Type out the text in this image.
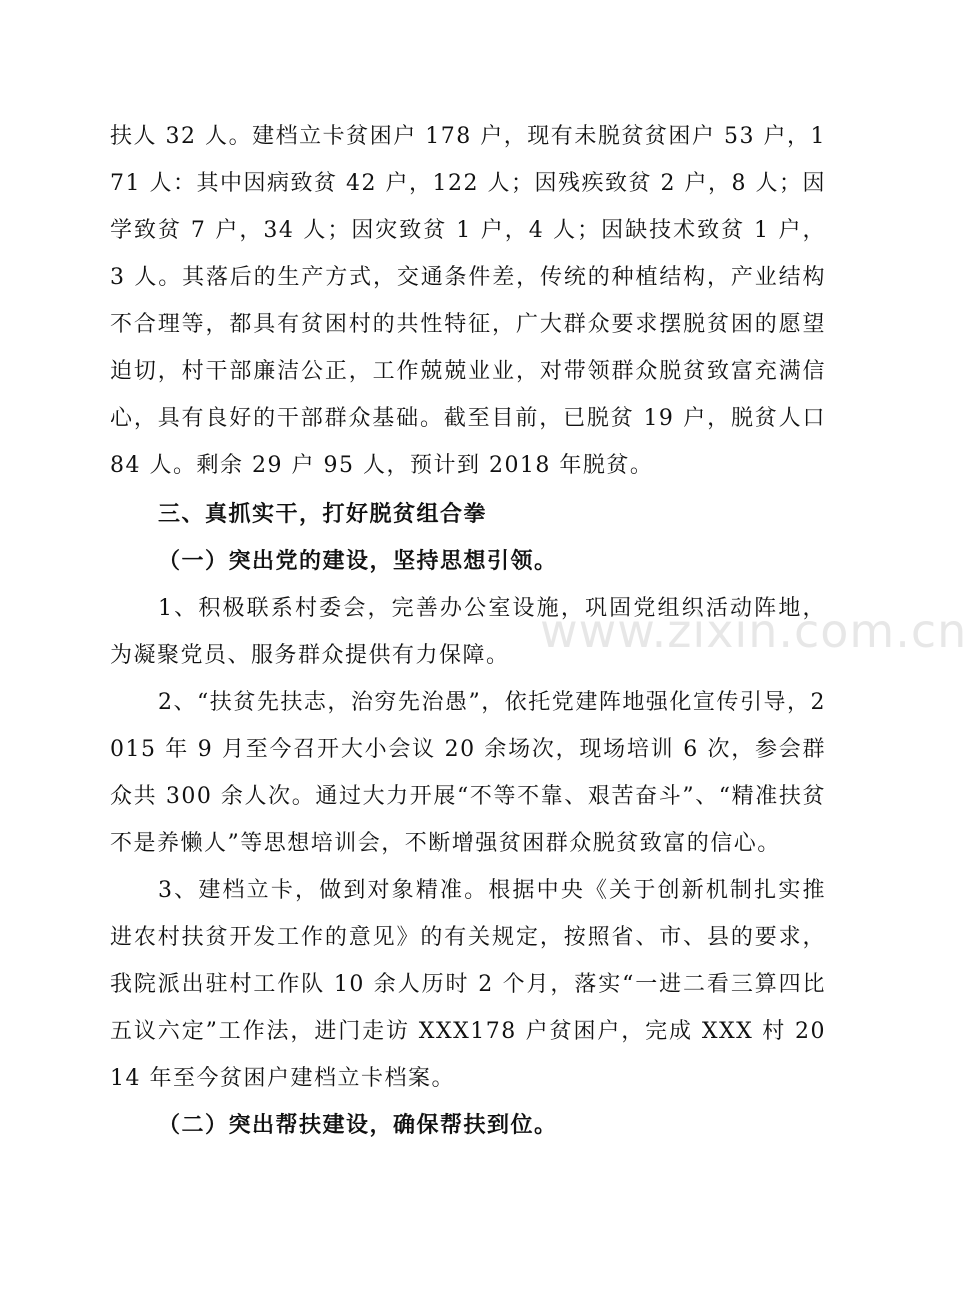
扶人 32 人。建档立卡贫困户 178 户，现有未脱贫贫困户 53 户，171 人：其中因病致贫 42 户，122 人；因残疾致贫 2 户，8 人；因学致贫 7 户，34 人；因灾致贫 1 户，4 人；因缺技术致贫 1 户，3 人。其落后的生产方式，交通条件差，传统的种植结构，产业结构不合理等，都具有贫困村的共性特征，广大群众要求摆脱贫困的愿望迫切，村干部廉洁公正，工作兢兢业业，对带领群众脱贫致富充满信心，具有良好的干部群众基础。截至目前，已脱贫 19 户，脱贫人口 84 人。剩余 29 户 95 人，预计到 2018 年脱贫。

三、真抓实干，打好脱贫组合拳

（一）突出党的建设，坚持思想引领。

1、积极联系村委会，完善办公室设施，巩固党组织活动阵地，为凝聚党员、服务群众提供有力保障。

2、“扶贫先扶志，治穷先治愚”，依托党建阵地强化宣传引导，2015 年 9 月至今召开大小会议 20 余场次，现场培训 6 次，参会群众共 300 余人次。通过大力开展“不等不靠、艰苦奋斗”、“精准扶贫不是养懒人”等思想培训会，不断增强贫困群众脱贫致富的信心。

3、建档立卡，做到对象精准。根据中央《关于创新机制扎实推进农村扶贫开发工作的意见》的有关规定，按照省、市、县的要求，我院派出驻村工作队 10 余人历时 2 个月，落实“一进二看三算四比五议六定”工作法，进门走访 XXX178 户贫困户，完成 XXX 村 2014 年至今贫困户建档立卡档案。

（二）突出帮扶建设，确保帮扶到位。

www.zixin.com.cn
